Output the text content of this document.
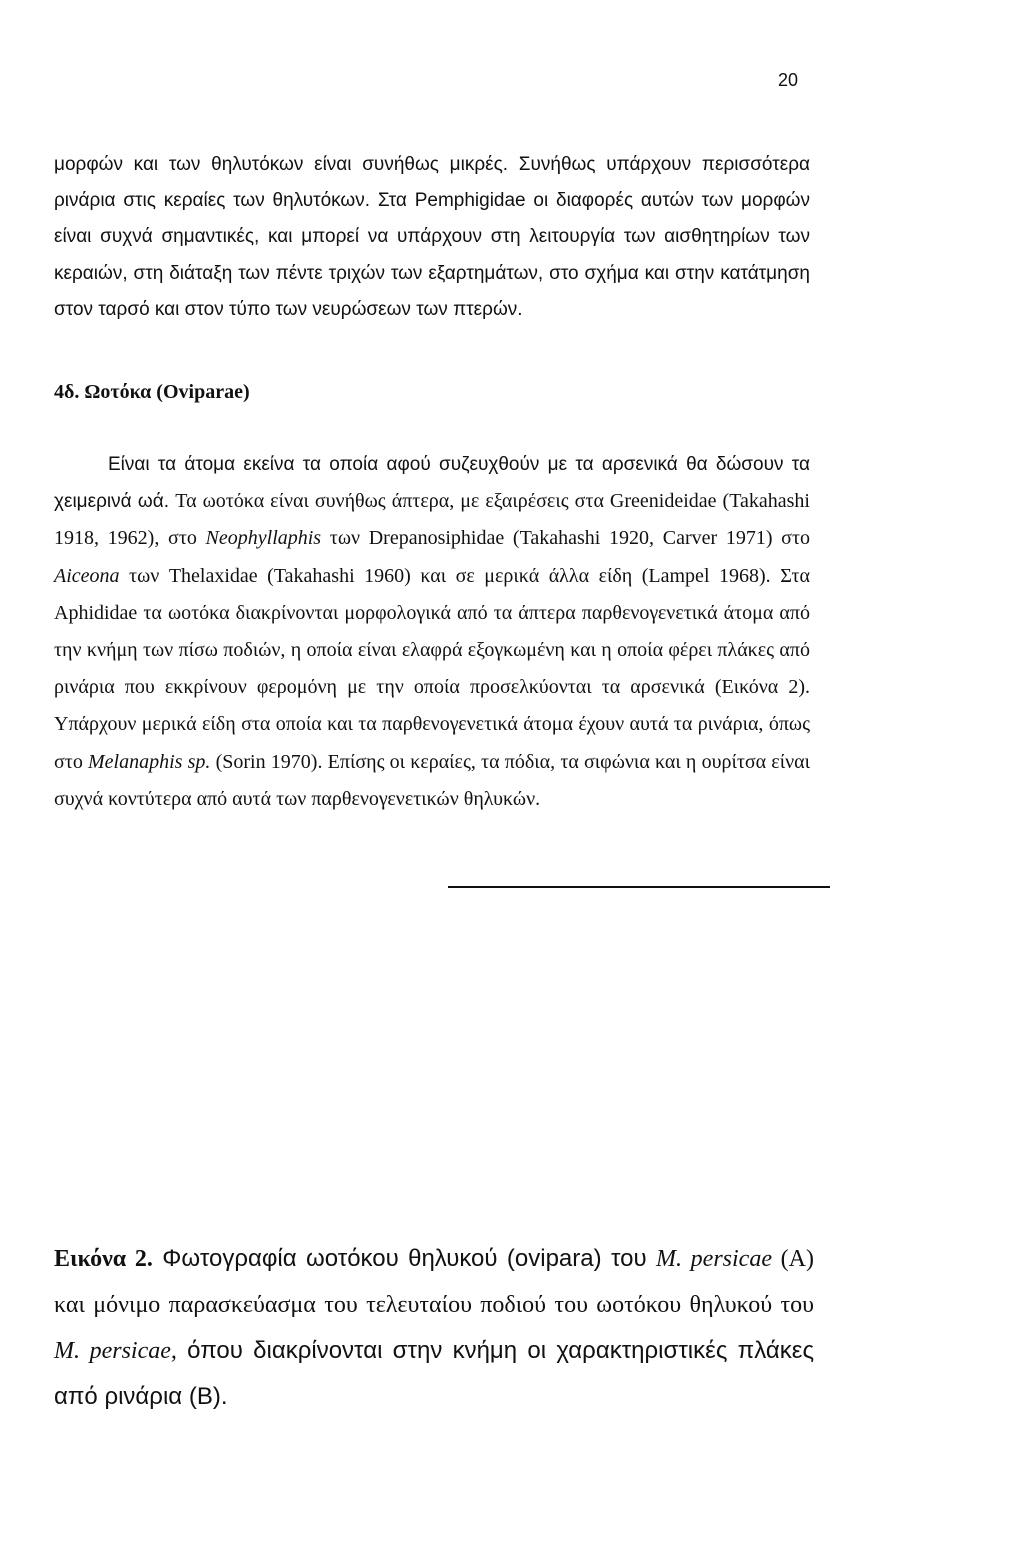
20
μορφών και των θηλυτόκων είναι συνήθως μικρές. Συνήθως υπάρχουν περισσότερα ρινάρια στις κεραίες των θηλυτόκων. Στα Pemphigidae οι διαφορές αυτών των μορφών είναι συχνά σημαντικές, και μπορεί να υπάρχουν στη λειτουργία των αισθητηρίων των κεραιών, στη διάταξη των πέντε τριχών των εξαρτημάτων, στο σχήμα και στην κατάτμηση στον ταρσό και στον τύπο των νευρώσεων των πτερών.
4δ. Ωοτόκα (Oviparae)
Είναι τα άτομα εκείνα τα οποία αφού συζευχθούν με τα αρσενικά θα δώσουν τα χειμερινά ωά. Τα ωοτόκα είναι συνήθως άπτερα, με εξαιρέσεις στα Greenideidae (Takahashi 1918, 1962), στο Neophyllaphis των Drepanosiphidae (Takahashi 1920, Carver 1971) στο Aiceona των Thelaxidae (Takahashi 1960) και σε μερικά άλλα είδη (Lampel 1968). Στα Aphididae τα ωοτόκα διακρίνονται μορφολογικά από τα άπτερα παρθενογενετικά άτομα από την κνήμη των πίσω ποδιών, η οποία είναι ελαφρά εξογκωμένη και η οποία φέρει πλάκες από ρινάρια που εκκρίνουν φερομόνη με την οποία προσελκύονται τα αρσενικά (Εικόνα 2). Υπάρχουν μερικά είδη στα οποία και τα παρθενογενετικά άτομα έχουν αυτά τα ρινάρια, όπως στο Melanaphis sp. (Sorin 1970). Επίσης οι κεραίες, τα πόδια, τα σιφώνια και η ουρίτσα είναι συχνά κοντύτερα από αυτά των παρθενογενετικών θηλυκών.
Εικόνα 2. Φωτογραφία ωοτόκου θηλυκού (ovipara) του M. persicae (A) και μόνιμο παρασκεύασμα του τελευταίου ποδιού του ωοτόκου θηλυκού του M. persicae, όπου διακρίνονται στην κνήμη οι χαρακτηριστικές πλάκες από ρινάρια (B).
